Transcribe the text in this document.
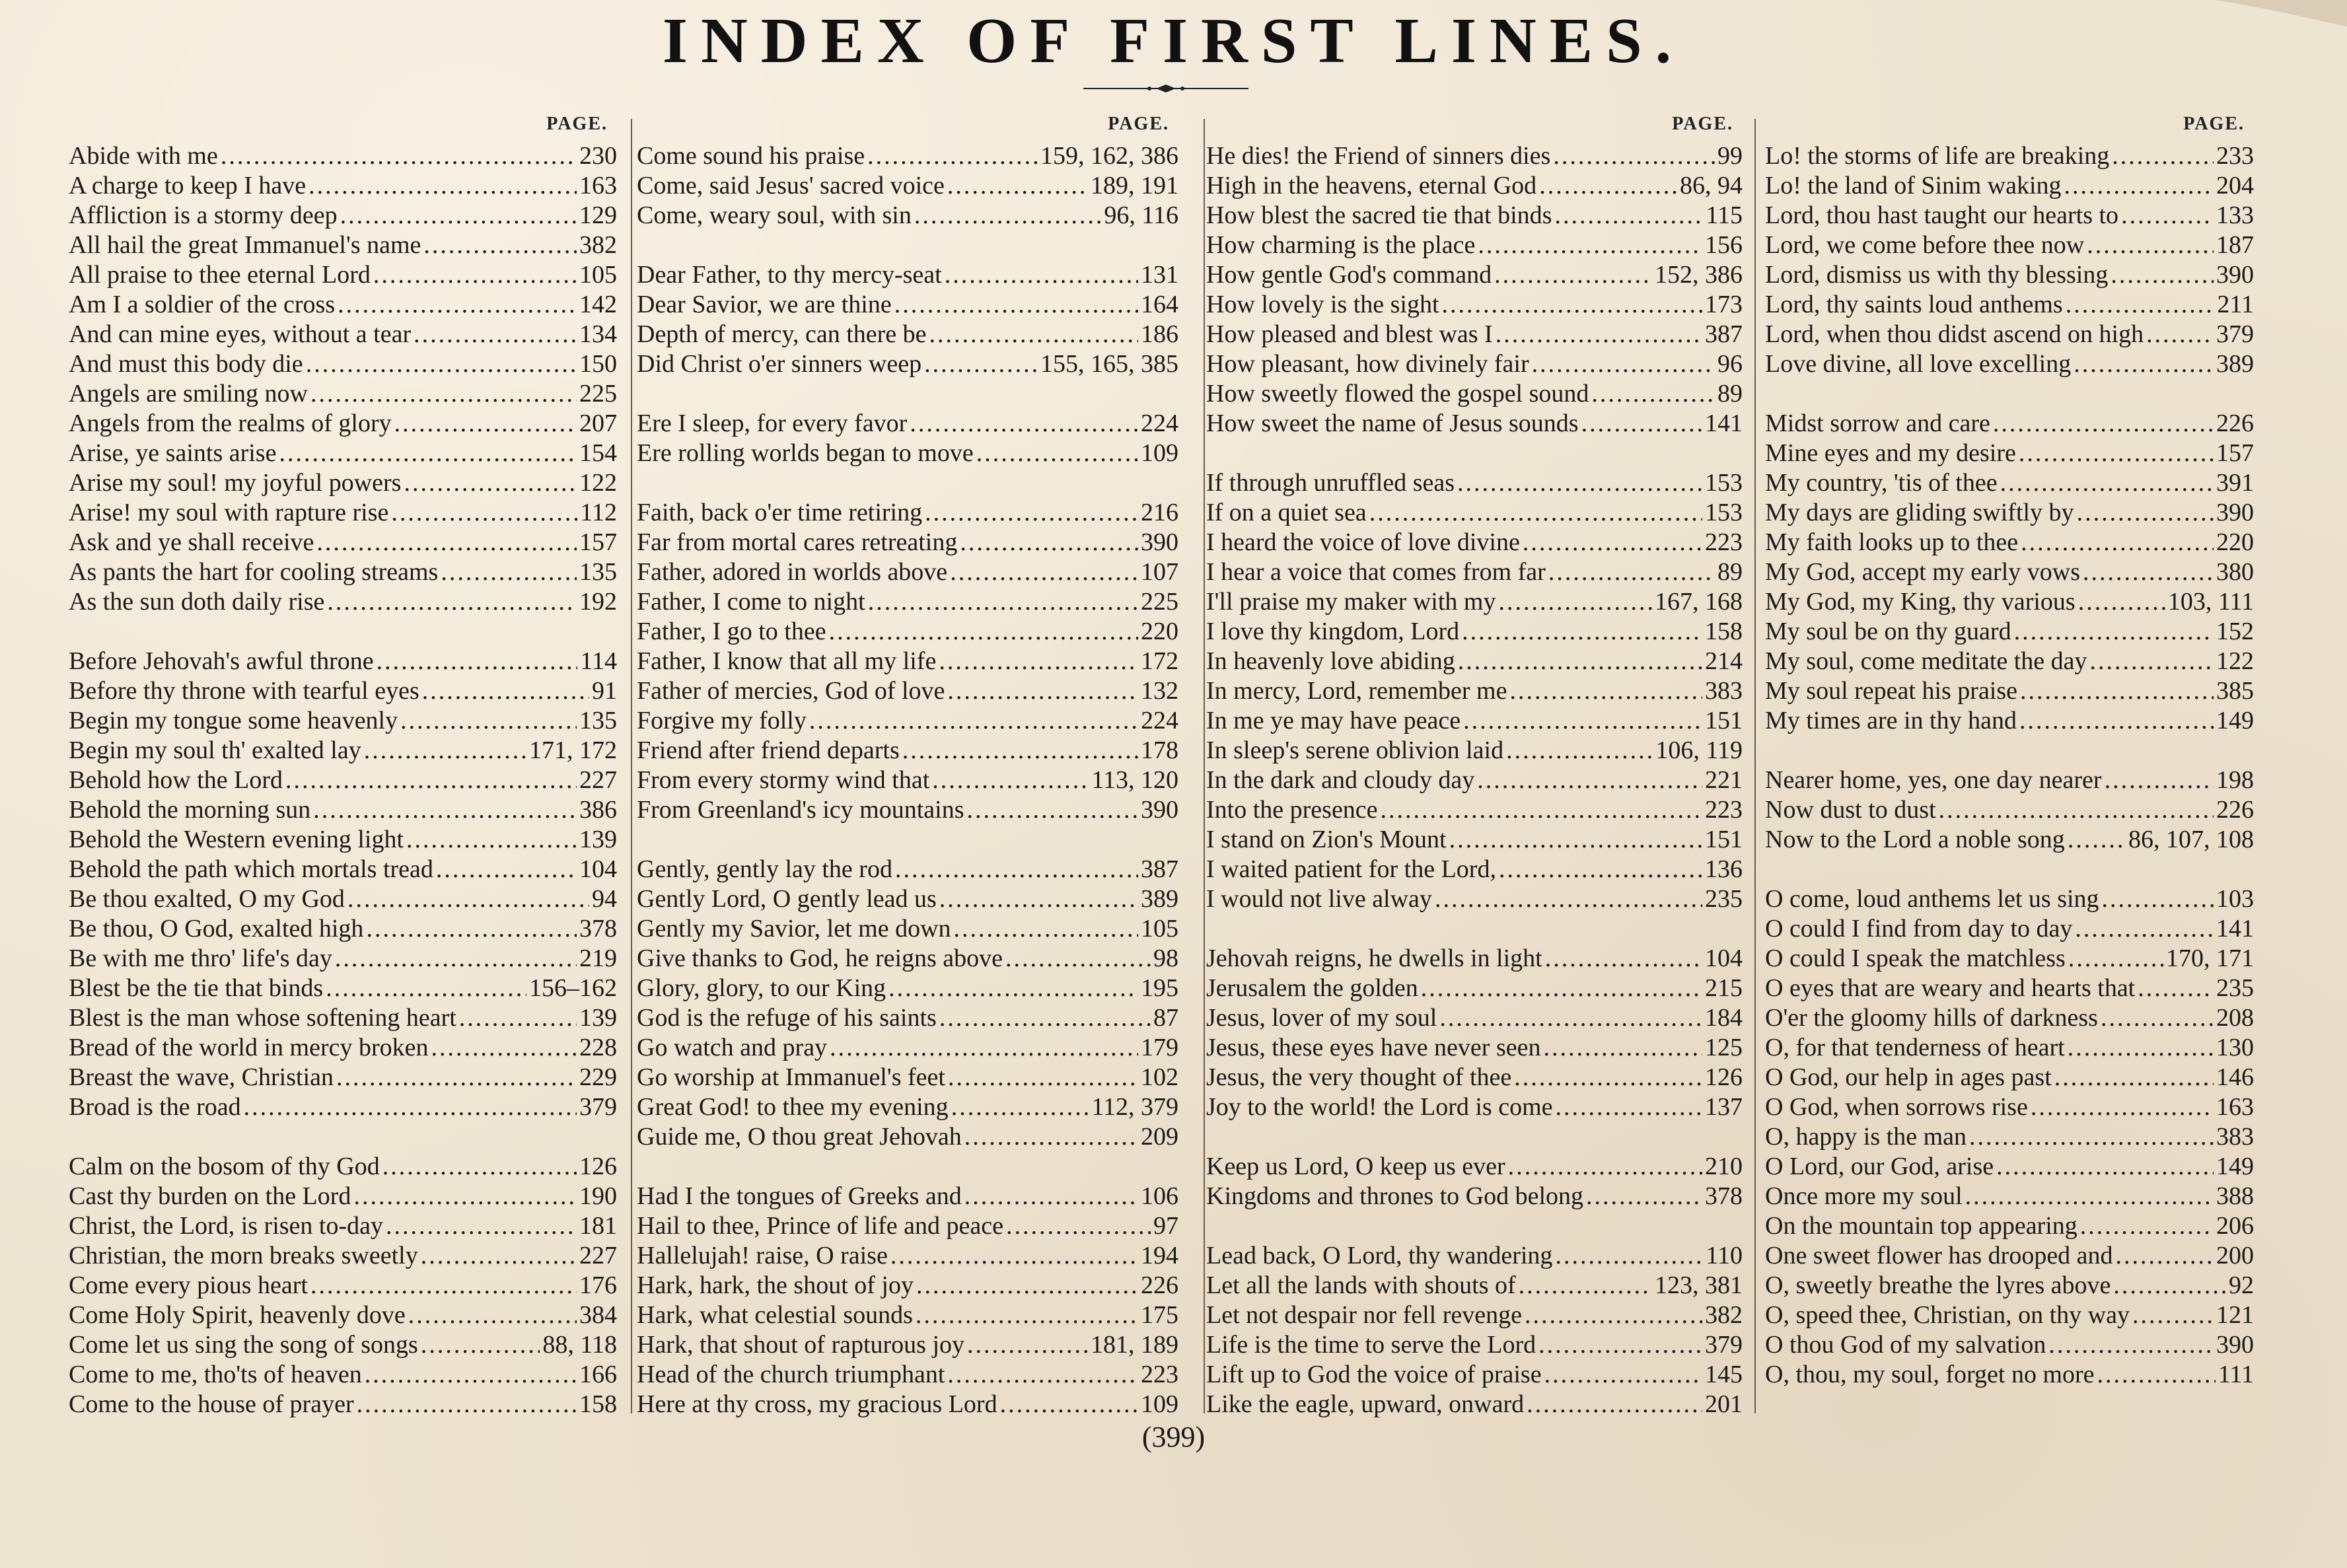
INDEX OF FIRST LINES.
PAGE.
Abide with me .....	230
A charge to keep I have .....	163
Affliction is a stormy deep .....	129
All hail the great Immanuel's name .....	382
All praise to thee eternal Lord .....	105
Am I a soldier of the cross .....	142
And can mine eyes, without a tear .....	134
And must this body die .....	150
Angels are smiling now .....	225
Angels from the realms of glory .....	207
Arise, ye saints arise .....	154
Arise my soul! my joyful powers .....	122
Arise! my soul with rapture rise .....	112
Ask and ye shall receive .....	157
As pants the hart for cooling streams .....	135
As the sun doth daily rise .....	192
Before Jehovah's awful throne .....	114
Before thy throne with tearful eyes .....	91
Begin my tongue some heavenly .....	135
Begin my soul th' exalted lay .....	171, 172
Behold how the Lord .....	227
Behold the morning sun .....	386
Behold the Western evening light .....	139
Behold the path which mortals tread .....	104
Be thou exalted, O my God .....	94
Be thou, O God, exalted high .....	378
Be with me thro' life's day .....	219
Blest be the tie that binds .....	156–162
Blest is the man whose softening heart .....	139
Bread of the world in mercy broken .....	228
Breast the wave, Christian .....	229
Broad is the road .....	379
Calm on the bosom of thy God .....	126
Cast thy burden on the Lord .....	190
Christ, the Lord, is risen to-day .....	181
Christian, the morn breaks sweetly .....	227
Come every pious heart .....	176
Come Holy Spirit, heavenly dove .....	384
Come let us sing the song of songs .....	88, 118
Come to me, tho'ts of heaven .....	166
Come to the house of prayer .....	158
PAGE.
Come sound his praise .....	159, 162, 386
Come, said Jesus' sacred voice .....	189, 191
Come, weary soul, with sin .....	96, 116
Dear Father, to thy mercy-seat .....	131
Dear Savior, we are thine .....	164
Depth of mercy, can there be .....	186
Did Christ o'er sinners weep .....	155, 165, 385
Ere I sleep, for every favor .....	224
Ere rolling worlds began to move .....	109
Faith, back o'er time retiring .....	216
Far from mortal cares retreating .....	390
Father, adored in worlds above .....	107
Father, I come to night .....	225
Father, I go to thee .....	220
Father, I know that all my life .....	172
Father of mercies, God of love .....	132
Forgive my folly .....	224
Friend after friend departs .....	178
From every stormy wind that .....	113, 120
From Greenland's icy mountains .....	390
Gently, gently lay the rod .....	387
Gently Lord, O gently lead us .....	389
Gently my Savior, let me down .....	105
Give thanks to God, he reigns above .....	98
Glory, glory, to our King .....	195
God is the refuge of his saints .....	87
Go watch and pray .....	179
Go worship at Immanuel's feet .....	102
Great God! to thee my evening .....	112, 379
Guide me, O thou great Jehovah .....	209
Had I the tongues of Greeks and .....	106
Hail to thee, Prince of life and peace .....	97
Hallelujah! raise, O raise .....	194
Hark, hark, the shout of joy .....	226
Hark, what celestial sounds .....	175
Hark, that shout of rapturous joy .....	181, 189
Head of the church triumphant .....	223
Here at thy cross, my gracious Lord .....	109
PAGE.
He dies! the Friend of sinners dies .....	99
High in the heavens, eternal God .....	86, 94
How blest the sacred tie that binds .....	115
How charming is the place .....	156
How gentle God's command .....	152, 386
How lovely is the sight .....	173
How pleased and blest was I .....	387
How pleasant, how divinely fair .....	96
How sweetly flowed the gospel sound .....	89
How sweet the name of Jesus sounds .....	141
If through unruffled seas .....	153
If on a quiet sea .....	153
I heard the voice of love divine .....	223
I hear a voice that comes from far .....	89
I'll praise my maker with my .....	167, 168
I love thy kingdom, Lord .....	158
In heavenly love abiding .....	214
In mercy, Lord, remember me .....	383
In me ye may have peace .....	151
In sleep's serene oblivion laid .....	106, 119
In the dark and cloudy day .....	221
Into the presence .....	223
I stand on Zion's Mount .....	151
I waited patient for the Lord, .....	136
I would not live alway .....	235
Jehovah reigns, he dwells in light .....	104
Jerusalem the golden .....	215
Jesus, lover of my soul .....	184
Jesus, these eyes have never seen .....	125
Jesus, the very thought of thee .....	126
Joy to the world! the Lord is come .....	137
Keep us Lord, O keep us ever .....	210
Kingdoms and thrones to God belong .....	378
Lead back, O Lord, thy wandering .....	110
Let all the lands with shouts of .....	123, 381
Let not despair nor fell revenge .....	382
Life is the time to serve the Lord .....	379
Lift up to God the voice of praise .....	145
Like the eagle, upward, onward .....	201
PAGE.
Lo! the storms of life are breaking .....	233
Lo! the land of Sinim waking .....	204
Lord, thou hast taught our hearts to .....	133
Lord, we come before thee now .....	187
Lord, dismiss us with thy blessing .....	390
Lord, thy saints loud anthems .....	211
Lord, when thou didst ascend on high .....	379
Love divine, all love excelling .....	389
Midst sorrow and care .....	226
Mine eyes and my desire .....	157
My country, 'tis of thee .....	391
My days are gliding swiftly by .....	390
My faith looks up to thee .....	220
My God, accept my early vows .....	380
My God, my King, thy various .....	103, 111
My soul be on thy guard .....	152
My soul, come meditate the day .....	122
My soul repeat his praise .....	385
My times are in thy hand .....	149
Nearer home, yes, one day nearer .....	198
Now dust to dust .....	226
Now to the Lord a noble song .....	86, 107, 108
O come, loud anthems let us sing .....	103
O could I find from day to day .....	141
O could I speak the matchless .....	170, 171
O eyes that are weary and hearts that .....	235
O'er the gloomy hills of darkness .....	208
O, for that tenderness of heart .....	130
O God, our help in ages past .....	146
O God, when sorrows rise .....	163
O, happy is the man .....	383
O Lord, our God, arise .....	149
Once more my soul .....	388
On the mountain top appearing .....	206
One sweet flower has drooped and .....	200
O, sweetly breathe the lyres above .....	92
O, speed thee, Christian, on thy way .....	121
O thou God of my salvation .....	390
O, thou, my soul, forget no more .....	111
(399)
